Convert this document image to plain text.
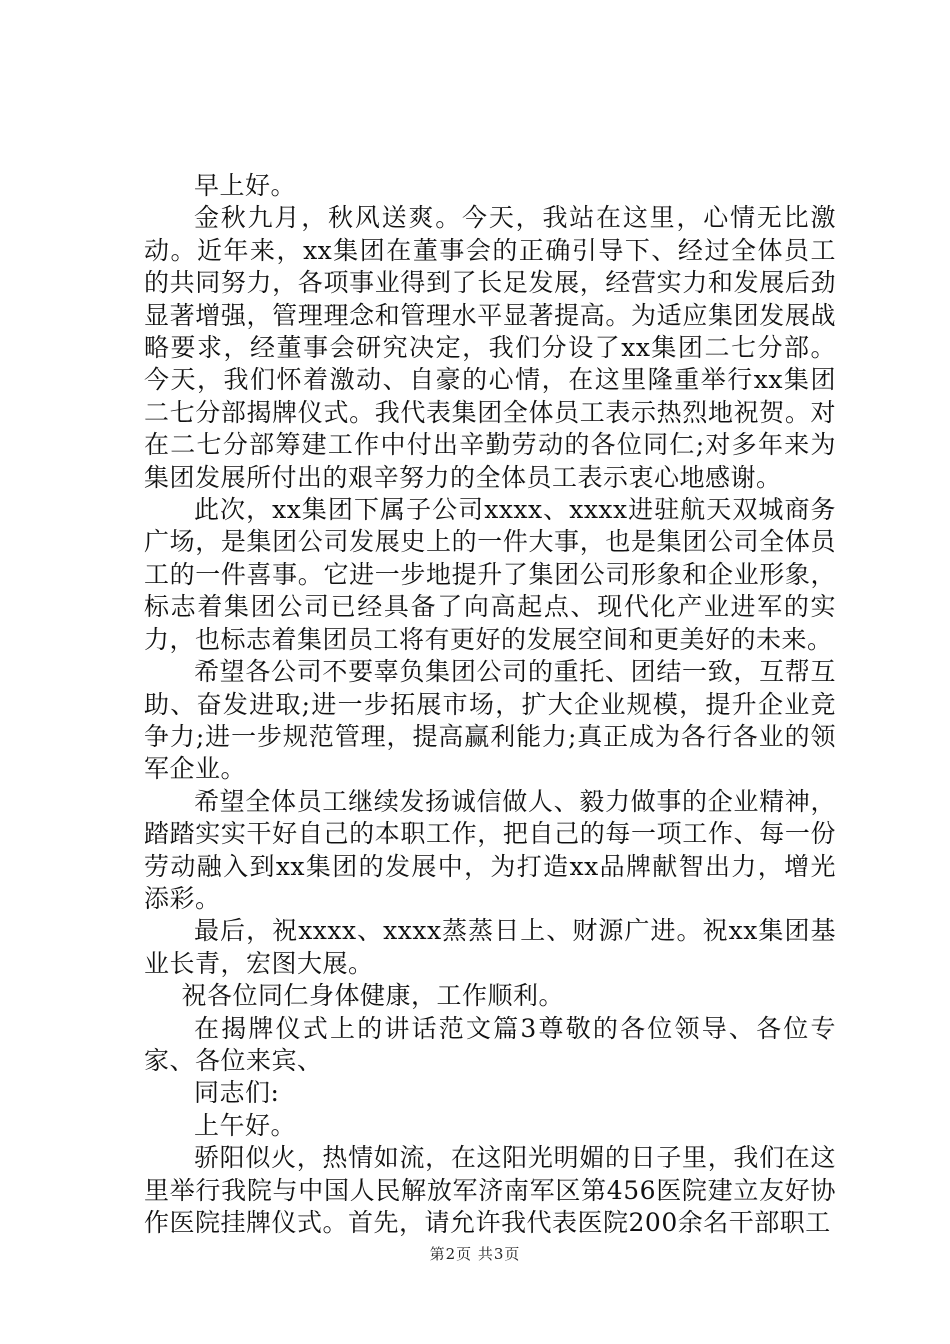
早上好。

金秋九月，秋风送爽。今天，我站在这里，心情无比激动。近年来，xx集团在董事会的正确引导下、经过全体员工的共同努力，各项事业得到了长足发展，经营实力和发展后劲显著增强，管理理念和管理水平显著提高。为适应集团发展战略要求，经董事会研究决定，我们分设了xx集团二七分部。今天，我们怀着激动、自豪的心情，在这里隆重举行xx集团二七分部揭牌仪式。我代表集团全体员工表示热烈地祝贺。对在二七分部筹建工作中付出辛勤劳动的各位同仁;对多年来为集团发展所付出的艰辛努力的全体员工表示衷心地感谢。

此次，xx集团下属子公司xxxx、xxxx进驻航天双城商务广场，是集团公司发展史上的一件大事，也是集团公司全体员工的一件喜事。它进一步地提升了集团公司形象和企业形象，标志着集团公司已经具备了向高起点、现代化产业进军的实力，也标志着集团员工将有更好的发展空间和更美好的未来。

希望各公司不要辜负集团公司的重托、团结一致，互帮互助、奋发进取;进一步拓展市场，扩大企业规模，提升企业竞争力;进一步规范管理，提高赢利能力;真正成为各行各业的领军企业。

希望全体员工继续发扬诚信做人、毅力做事的企业精神，踏踏实实干好自己的本职工作，把自己的每一项工作、每一份劳动融入到xx集团的发展中，为打造xx品牌献智出力，增光添彩。

最后，祝xxxx、xxxx蒸蒸日上、财源广进。祝xx集团基业长青，宏图大展。

祝各位同仁身体健康，工作顺利。

在揭牌仪式上的讲话范文篇3尊敬的各位领导、各位专家、各位来宾、

同志们:

上午好。

骄阳似火，热情如流，在这阳光明媚的日子里，我们在这里举行我院与中国人民解放军济南军区第456医院建立友好协作医院挂牌仪式。首先，请允许我代表医院200余名干部职工

第2页 共3页
